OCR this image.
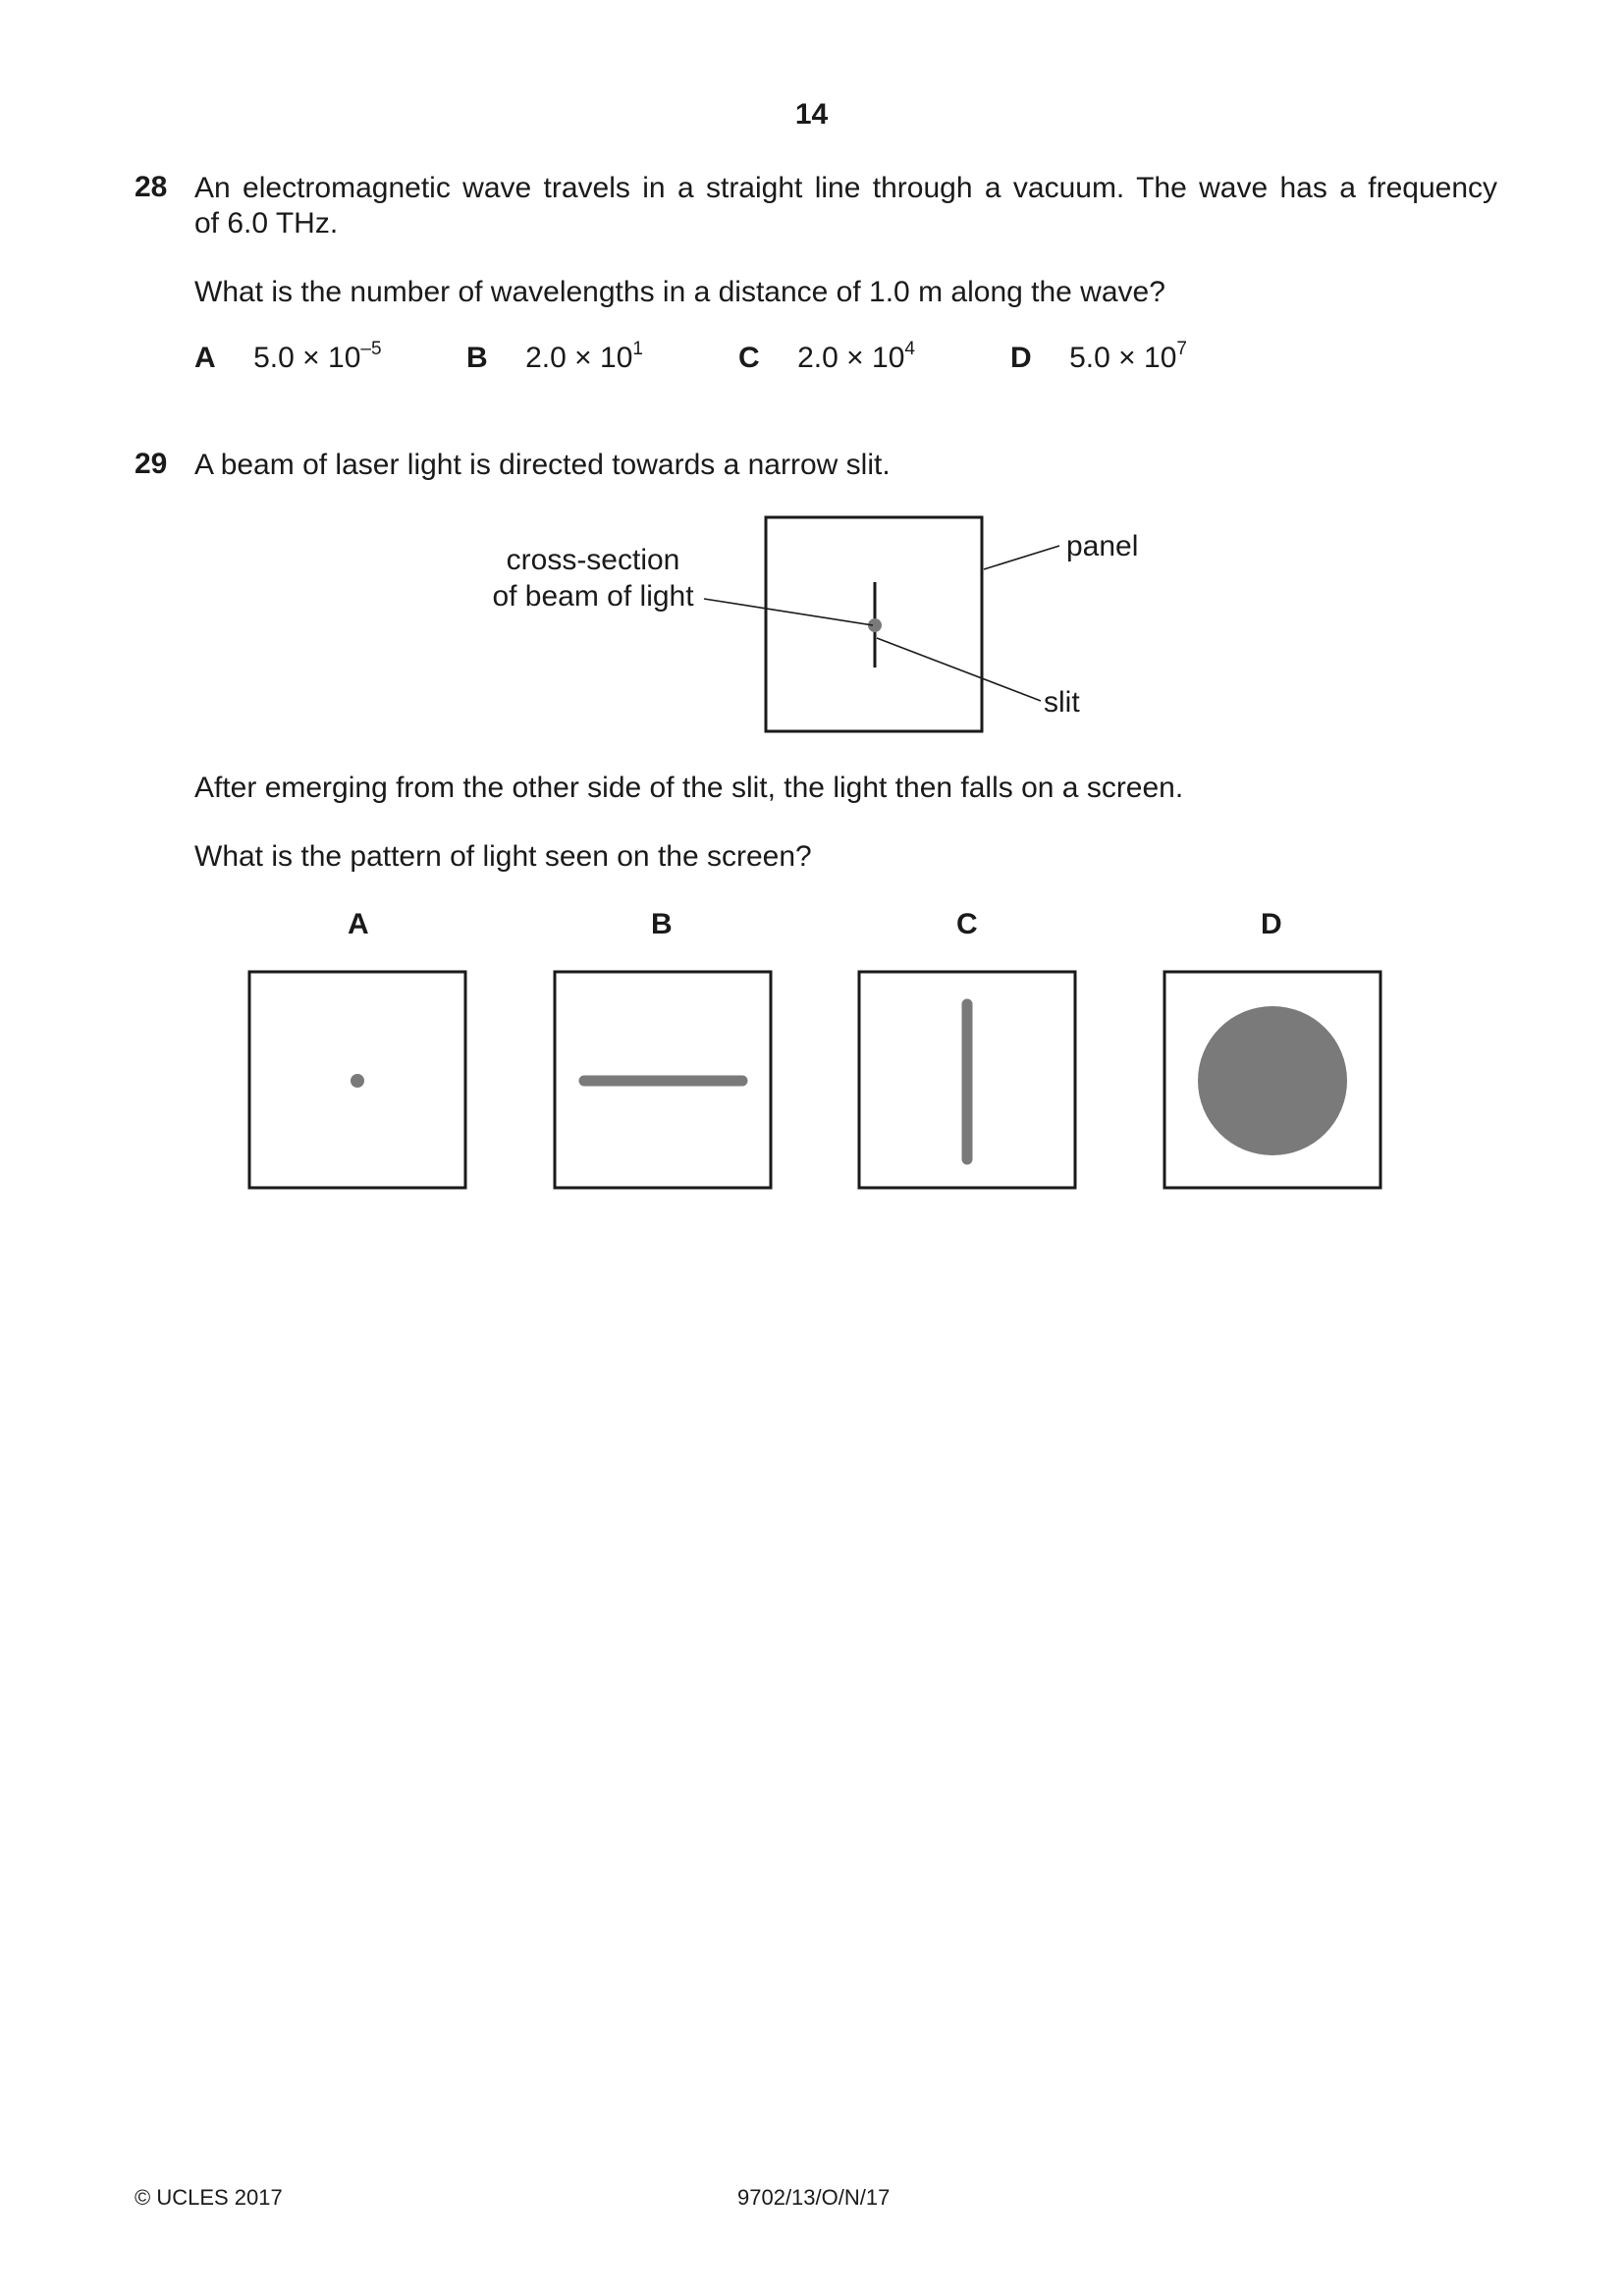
14
28 An electromagnetic wave travels in a straight line through a vacuum. The wave has a frequency
of 6.0 THz.
What is the number of wavelengths in a distance of 1.0 m along the wave?
A $5.0 \times 10^{-5}$	B $2.0 \times 10^1$	C $2.0 \times 10^4$	D $5.0 \times 10^7$
29 A beam of laser light is directed towards a narrow slit.
cross-section
of beam of light
panel
slit
After emerging from the other side of the slit, the light then falls on a screen.
What is the pattern of light seen on the screen?
A	B	C	D
© UCLES 2017	9702/13/O/N/17
